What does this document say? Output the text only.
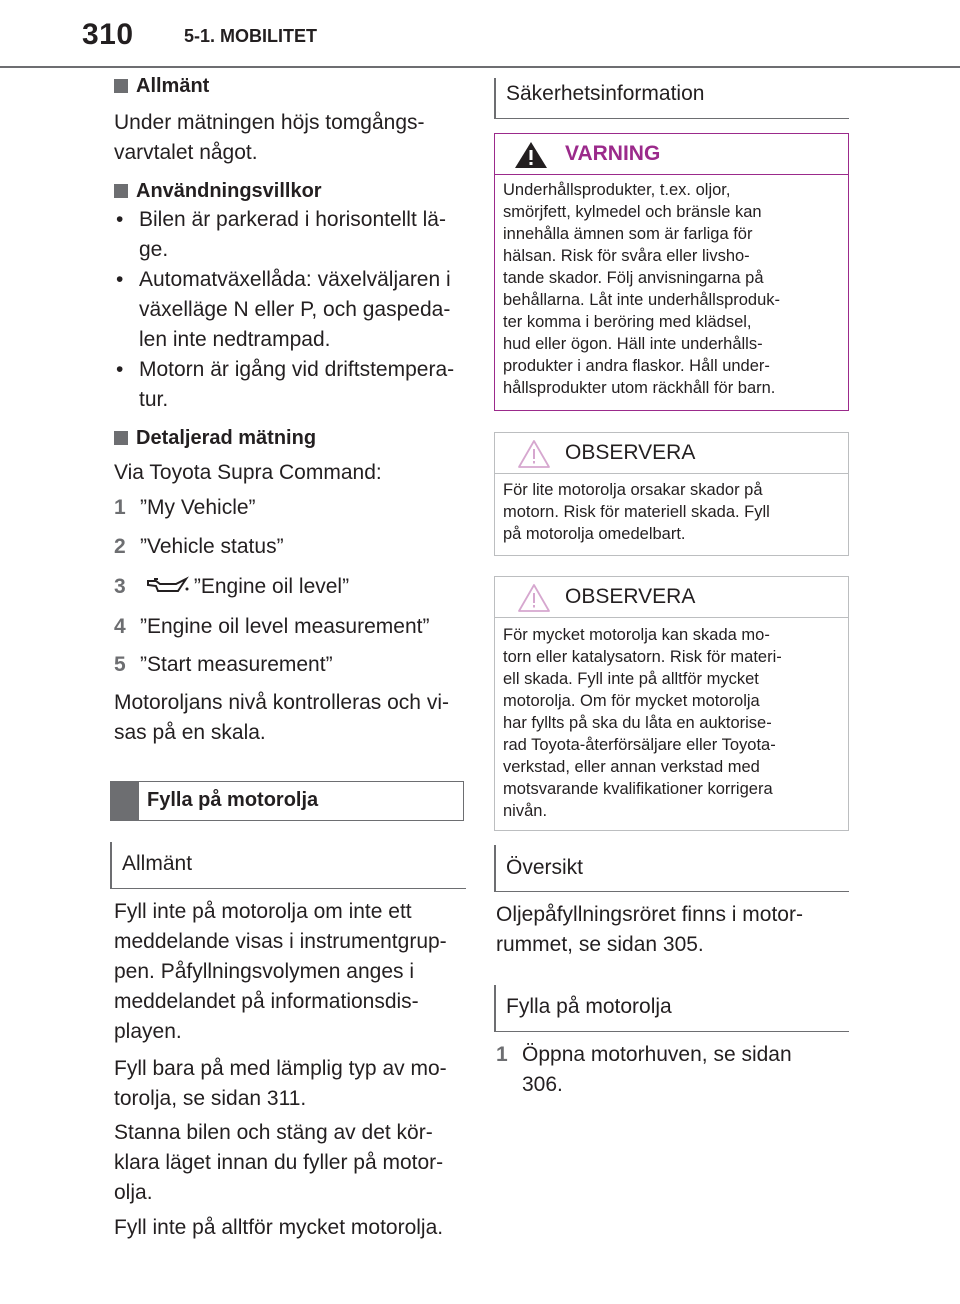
310	5-1. MOBILITET
Allmänt
Under mätningen höjs tomgångs-
varvtalet något.
Användningsvillkor
• Bilen är parkerad i horisontellt lä-
ge.
• Automatväxellåda: växelväljaren i
växelläge N eller P, och gaspeda-
len inte nedtrampad.
• Motorn är igång vid driftstempera-
tur.
Detaljerad mätning
Via Toyota Supra Command:
1 ”My Vehicle”
2 ”Vehicle status”
3	”Engine oil level”
4 ”Engine oil level measurement”
5 ”Start measurement”
Motoroljans nivå kontrolleras och vi-
sas på en skala.
Fylla på motorolja
Allmänt
Fyll inte på motorolja om inte ett
meddelande visas i instrumentgrup-
pen. Påfyllningsvolymen anges i
meddelandet på informationsdis-
playen.
Fyll bara på med lämplig typ av mo-
torolja, se sidan 311.
Stanna bilen och stäng av det kör-
klara läget innan du fyller på motor-
olja.
Fyll inte på alltför mycket motorolja.
Säkerhetsinformation
VARNING
Underhållsprodukter, t.ex. oljor,
smörjfett, kylmedel och bränsle kan
innehålla ämnen som är farliga för
hälsan. Risk för svåra eller livsho-
tande skador. Följ anvisningarna på
behållarna. Låt inte underhållsproduk-
ter komma i beröring med klädsel,
hud eller ögon. Häll inte underhålls-
produkter i andra flaskor. Håll under-
hållsprodukter utom räckhåll för barn.
OBSERVERA
För lite motorolja orsakar skador på
motorn. Risk för materiell skada. Fyll
på motorolja omedelbart.
OBSERVERA
För mycket motorolja kan skada mo-
torn eller katalysatorn. Risk för materi-
ell skada. Fyll inte på alltför mycket
motorolja. Om för mycket motorolja
har fyllts på ska du låta en auktorise-
rad Toyota-återförsäljare eller Toyota-
verkstad, eller annan verkstad med
motsvarande kvalifikationer korrigera
nivån.
Översikt
Oljepåfyllningsröret finns i motor-
rummet, se sidan 305.
Fylla på motorolja
1 Öppna motorhuven, se sidan
306.
